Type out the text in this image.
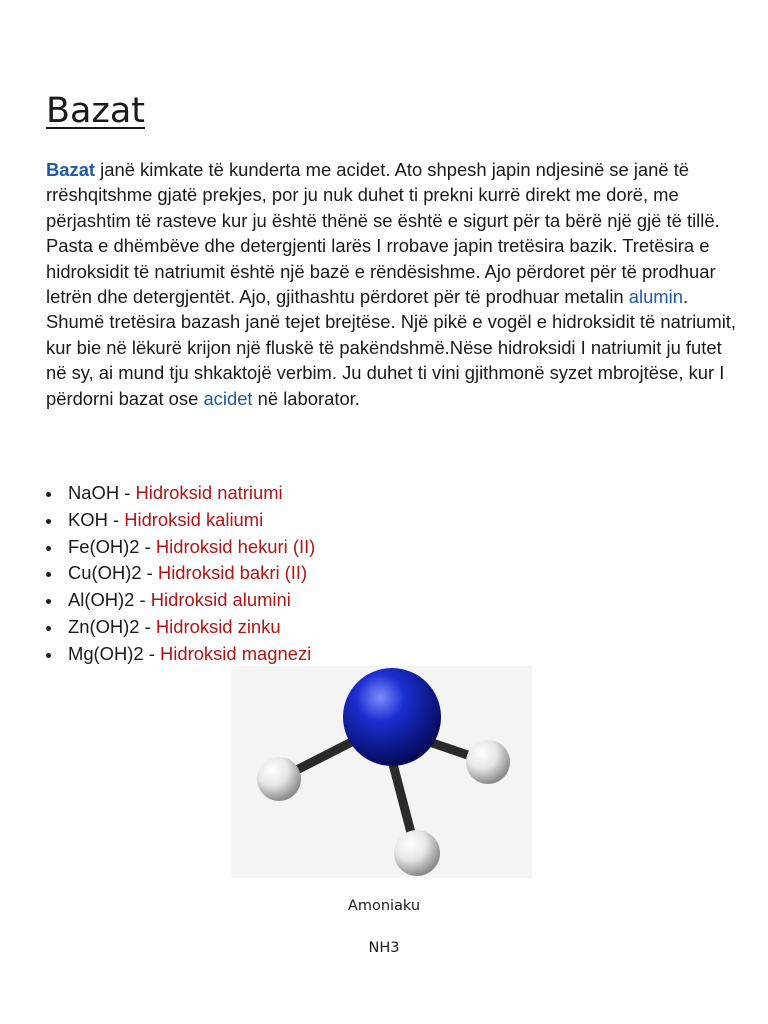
Bazat

Bazat janë kimkate të kunderta me acidet. Ato shpesh japin ndjesinë se janë të rrëshqitshme gjatë prekjes, por ju nuk duhet ti prekni kurrë direkt me dorë, me përjashtim të rasteve kur ju është thënë se është e sigurt për ta bërë një gjë të tillë. Pasta e dhëmbëve dhe detergjenti larës I rrobave japin tretësira bazik. Tretësira e hidroksidit të natriumit është një bazë e rëndësishme. Ajo përdoret për të prodhuar letrën dhe detergjentët. Ajo, gjithashtu përdoret për të prodhuar metalin alumin. Shumë tretësira bazash janë tejet brejtëse. Një pikë e vogël e hidroksidit të natriumit, kur bie në lëkurë krijon një fluskë të pakëndshmë.Nëse hidroksidi I natriumit ju futet në sy, ai mund tju shkaktojë verbim. Ju duhet ti vini gjithmonë syzet mbrojtëse, kur I përdorni bazat ose acidet në laborator.

NaOH - Hidroksid natriumi
KOH - Hidroksid kaliumi
Fe(OH)2 - Hidroksid hekuri (II)
Cu(OH)2 - Hidroksid bakri (II)
Al(OH)2 - Hidroksid alumini
Zn(OH)2 - Hidroksid zinku
Mg(OH)2 - Hidroksid magnezi
Amoniaku
NH3
